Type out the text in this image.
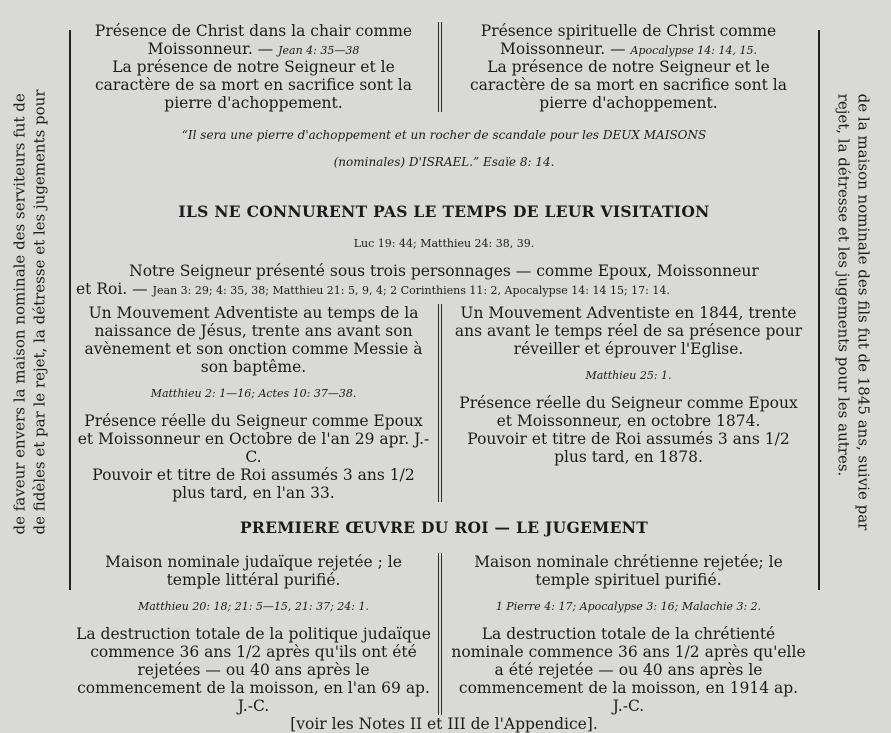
de faveur envers la maison nominale des serviteurs fut de de fidèles et par le rejet, la détresse et les jugements pour	de la maison nominale des fils fut de 1845 ans, suivie par
rejet, la détresse et les jugements pour les autres.

Présence de Christ dans la chair comme

Moissonneur. — Jean 4: 35—38

La présence de notre Seigneur et le caractère de sa mort en sacrifice sont la pierre d'achoppement.

Présence spirituelle de Christ comme

Moissonneur. — Apocalypse 14: 14, 15.

La présence de notre Seigneur et le caractère de sa mort en sacrifice sont la pierre d'achoppement.

“Il sera une pierre d'achoppement et un rocher de scandale pour les DEUX MAISONS

(nominales) D'ISRAEL.” Esaïe 8: 14.

ILS NE CONNURENT PAS LE TEMPS DE LEUR VISITATION

Luc 19: 44; Matthieu 24: 38, 39.

Notre Seigneur présenté sous trois personnages — comme Epoux, Moissonneur

et Roi. — Jean 3: 29; 4: 35, 38; Matthieu 21: 5, 9, 4; 2 Corinthiens 11: 2, Apocalypse 14: 14 15; 17: 14.

Un Mouvement Adventiste au temps de la naissance de Jésus, trente ans avant son avènement et son onction comme Messie à son baptême.

Matthieu 2: 1—16; Actes 10: 37—38.

Présence réelle du Seigneur comme Epoux et Moissonneur en Octobre de l'an 29 apr. J.-C.

Pouvoir et titre de Roi assumés 3 ans 1/2 plus tard, en l'an 33.

Un Mouvement Adventiste en 1844, trente ans avant le temps réel de sa présence pour réveiller et éprouver l'Eglise.

Matthieu 25: 1.

Présence réelle du Seigneur comme Epoux et Moissonneur, en octobre 1874.

Pouvoir et titre de Roi assumés 3 ans 1/2 plus tard, en 1878.

PREMIERE ŒUVRE DU ROI — LE JUGEMENT

Maison nominale judaïque rejetée ; le temple littéral purifié.

Matthieu 20: 18; 21: 5—15, 21: 37; 24: 1.

La destruction totale de la politique judaïque commence 36 ans 1/2 après qu'ils ont été rejetées — ou 40 ans après le commencement de la moisson, en l'an 69 ap. J.-C.

Maison nominale chrétienne rejetée; le temple spirituel purifié.

1 Pierre 4: 17; Apocalypse 3: 16; Malachie 3: 2.

La destruction totale de la chrétienté nominale commence 36 ans 1/2 après qu'elle a été rejetée — ou 40 ans après le commencement de la moisson, en 1914 ap. J.-C.

[voir les Notes II et III de l'Appendice].
